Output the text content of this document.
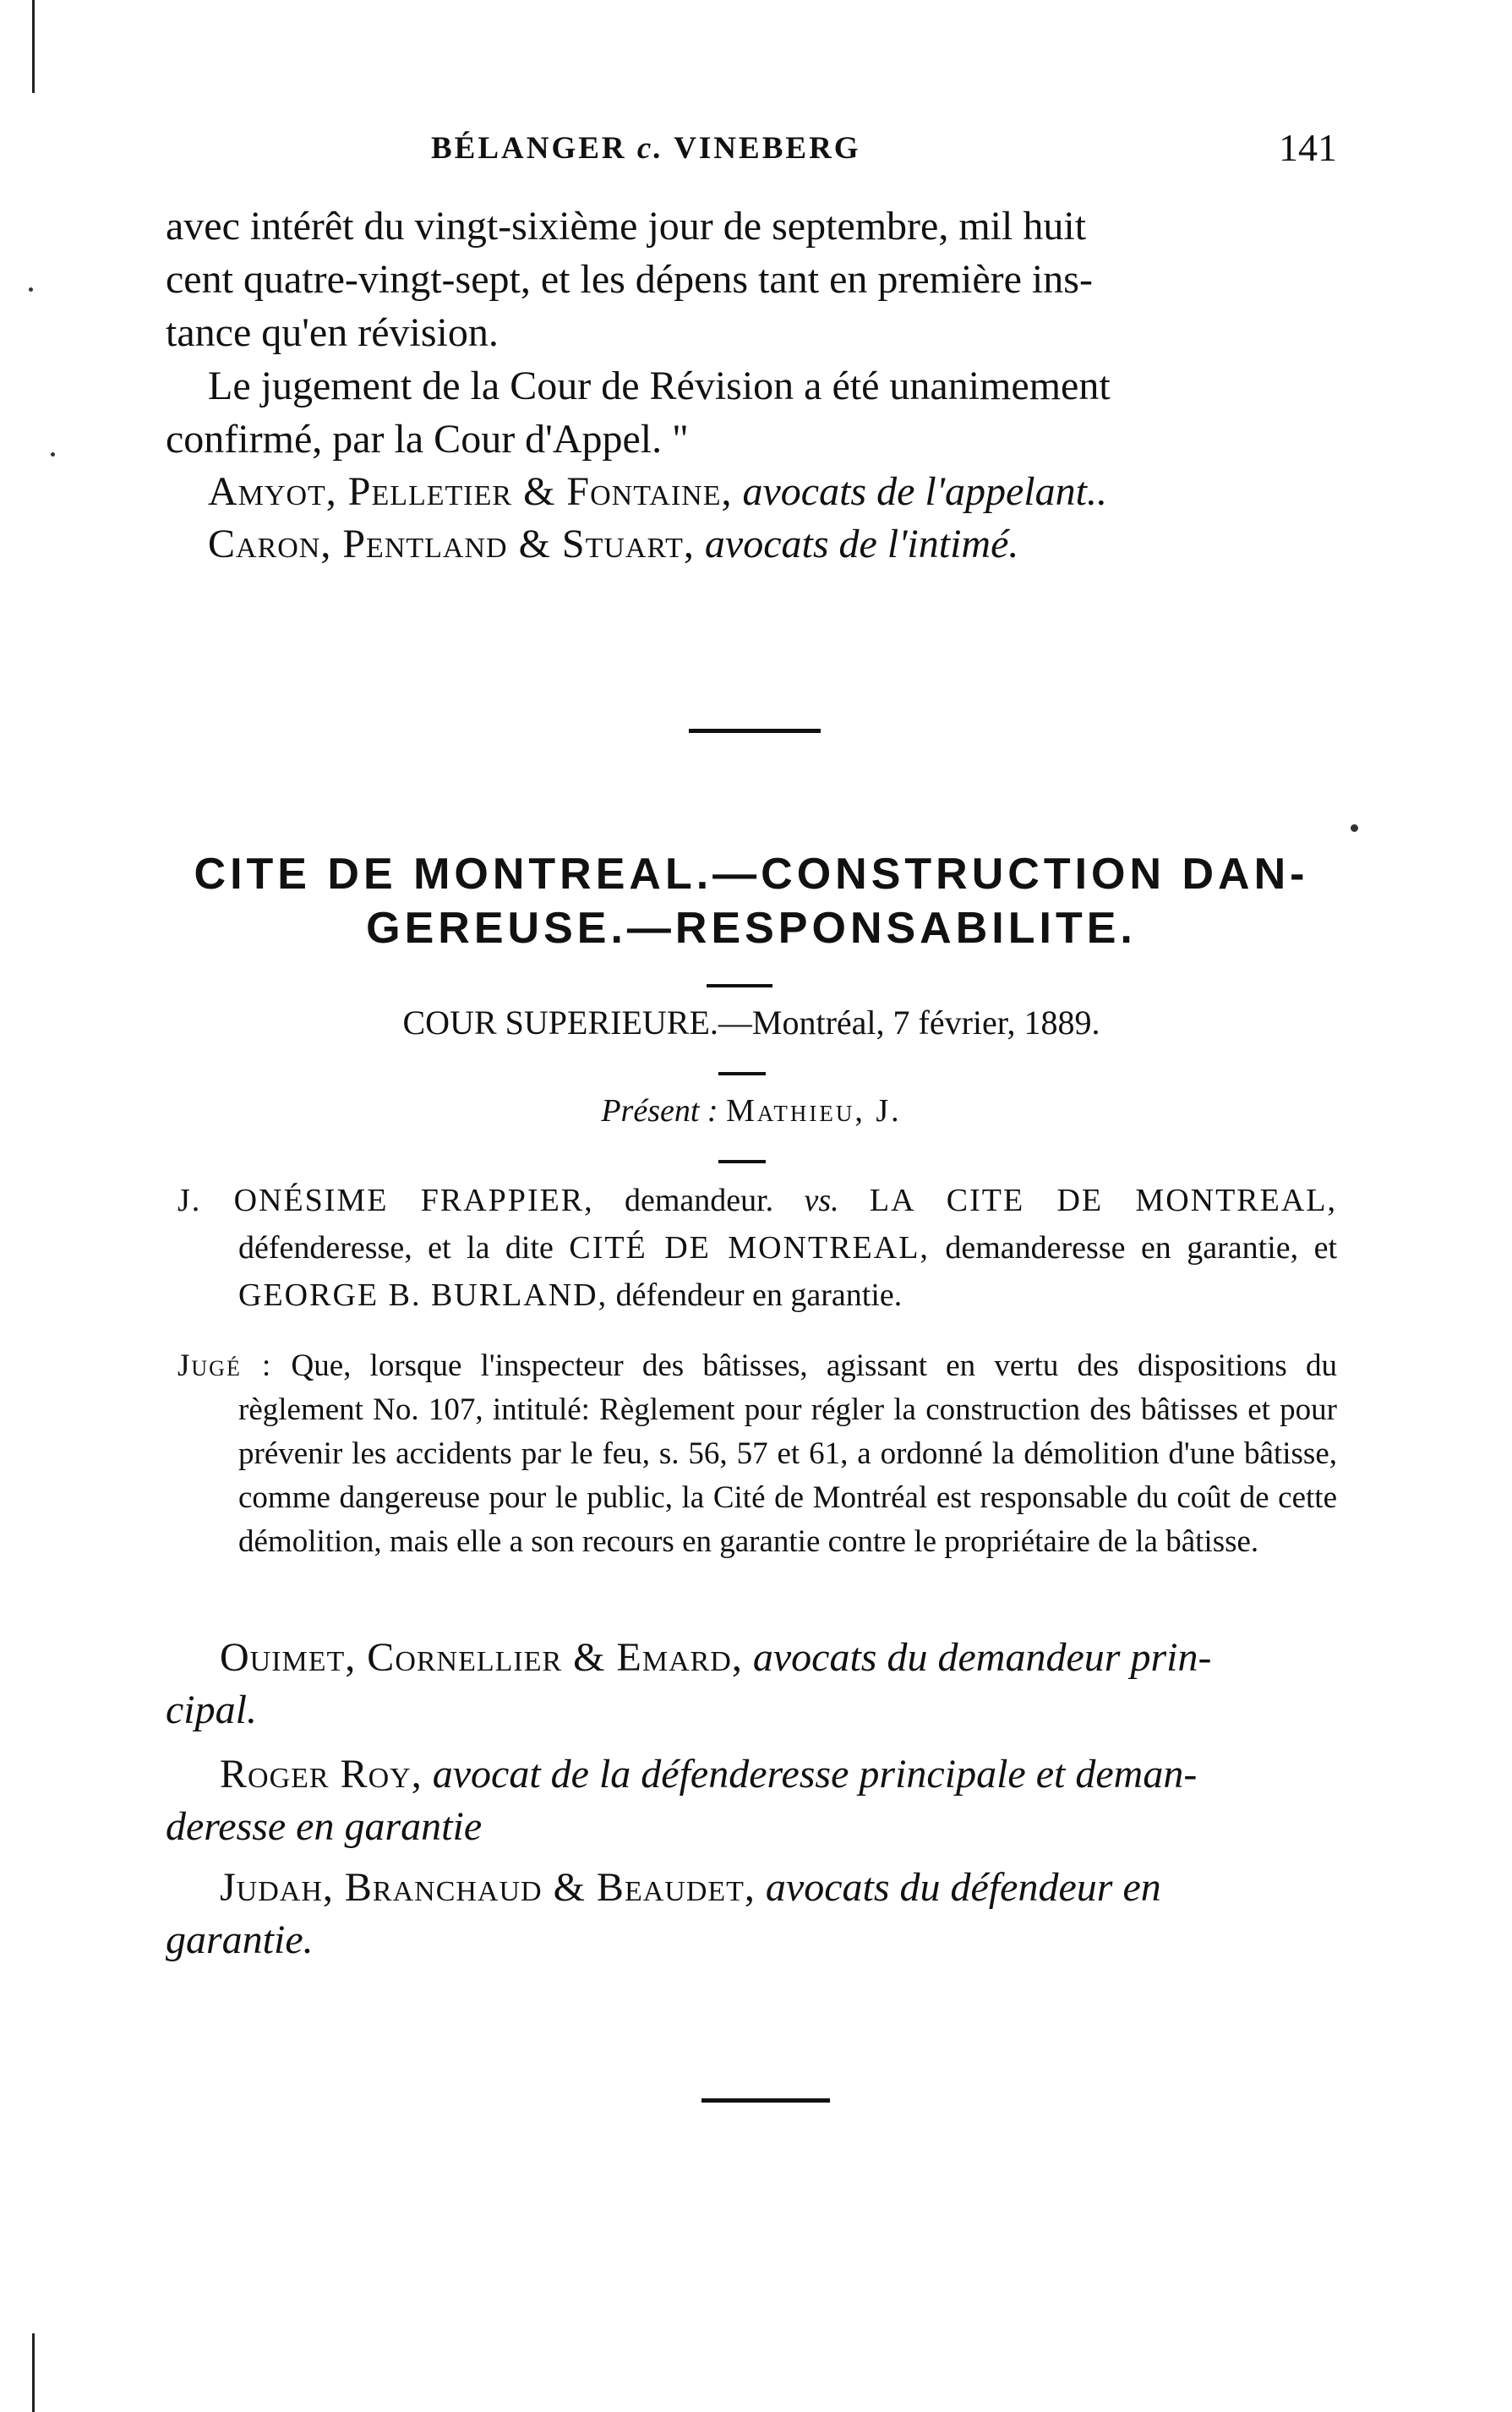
BÉLANGER c. VINEBERG	141
avec intérêt du vingt-sixième jour de septembre, mil huit
cent quatre-vingt-sept, et les dépens tant en première ins-
tance qu'en révision.
Le jugement de la Cour de Révision a été unanimement
confirmé, par la Cour d'Appel. "
Amyot, Pelletier & Fontaine, avocats de l'appelant..
Caron, Pentland & Stuart, avocats de l'intimé.
CITE DE MONTREAL.—CONSTRUCTION DAN-
GEREUSE.—RESPONSABILITE.
COUR SUPERIEURE.—Montréal, 7 février, 1889.
Présent : Mathieu, J.
J. ONÉSIME FRAPPIER, demandeur. vs. LA CITE DE MONTREAL, défenderesse, et la dite CITÉ DE MONTREAL, demanderesse en garantie, et GEORGE B. BURLAND, défendeur en garantie.
Jugé : Que, lorsque l'inspecteur des bâtisses, agissant en vertu des dispositions du règlement No. 107, intitulé: Règlement pour régler la construction des bâtisses et pour prévenir les accidents par le feu, s. 56, 57 et 61, a ordonné la démolition d'une bâtisse, comme dangereuse pour le public, la Cité de Montréal est responsable du coût de cette démolition, mais elle a son recours en garantie contre le propriétaire de la bâtisse.
Ouimet, Cornellier & Emard, avocats du demandeur prin-
cipal.
Roger Roy, avocat de la défenderesse principale et deman-
deresse en garantie
Judah, Branchaud & Beaudet, avocats du défendeur en
garantie.
